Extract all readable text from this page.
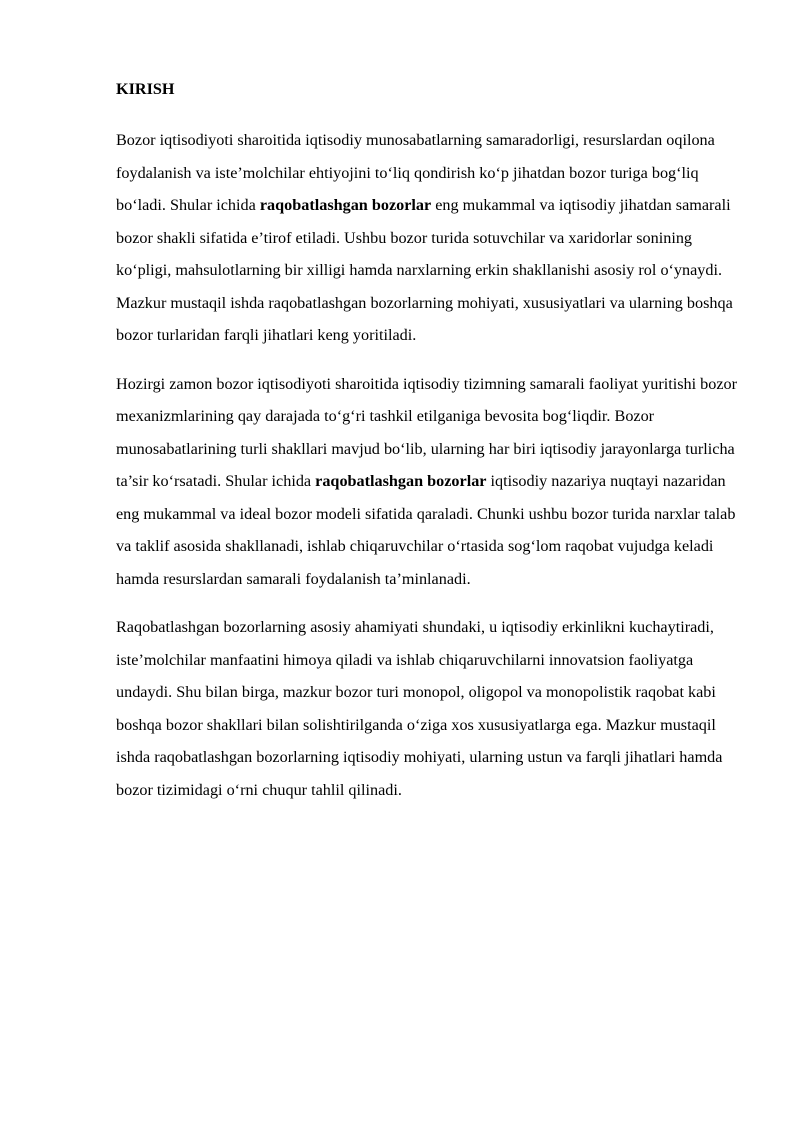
KIRISH

Bozor iqtisodiyoti sharoitida iqtisodiy munosabatlarning samaradorligi, resurslardan oqilona foydalanish va iste’molchilar ehtiyojini to‘liq qondirish ko‘p jihatdan bozor turiga bog‘liq bo‘ladi. Shular ichida raqobatlashgan bozorlar eng mukammal va iqtisodiy jihatdan samarali bozor shakli sifatida e’tirof etiladi. Ushbu bozor turida sotuvchilar va xaridorlar sonining ko‘pligi, mahsulotlarning bir xilligi hamda narxlarning erkin shakllanishi asosiy rol o‘ynaydi. Mazkur mustaqil ishda raqobatlashgan bozorlarning mohiyati, xususiyatlari va ularning boshqa bozor turlaridan farqli jihatlari keng yoritiladi.

Hozirgi zamon bozor iqtisodiyoti sharoitida iqtisodiy tizimning samarali faoliyat yuritishi bozor mexanizmlarining qay darajada to‘g‘ri tashkil etilganiga bevosita bog‘liqdir. Bozor munosabatlarining turli shakllari mavjud bo‘lib, ularning har biri iqtisodiy jarayonlarga turlicha ta’sir ko‘rsatadi. Shular ichida raqobatlashgan bozorlar iqtisodiy nazariya nuqtayi nazaridan eng mukammal va ideal bozor modeli sifatida qaraladi. Chunki ushbu bozor turida narxlar talab va taklif asosida shakllanadi, ishlab chiqaruvchilar o‘rtasida sog‘lom raqobat vujudga keladi hamda resurslardan samarali foydalanish ta’minlanadi.

Raqobatlashgan bozorlarning asosiy ahamiyati shundaki, u iqtisodiy erkinlikni kuchaytiradi, iste’molchilar manfaatini himoya qiladi va ishlab chiqaruvchilarni innovatsion faoliyatga undaydi. Shu bilan birga, mazkur bozor turi monopol, oligopol va monopolistik raqobat kabi boshqa bozor shakllari bilan solishtirilganda o‘ziga xos xususiyatlarga ega. Mazkur mustaqil ishda raqobatlashgan bozorlarning iqtisodiy mohiyati, ularning ustun va farqli jihatlari hamda bozor tizimidagi o‘rni chuqur tahlil qilinadi.
